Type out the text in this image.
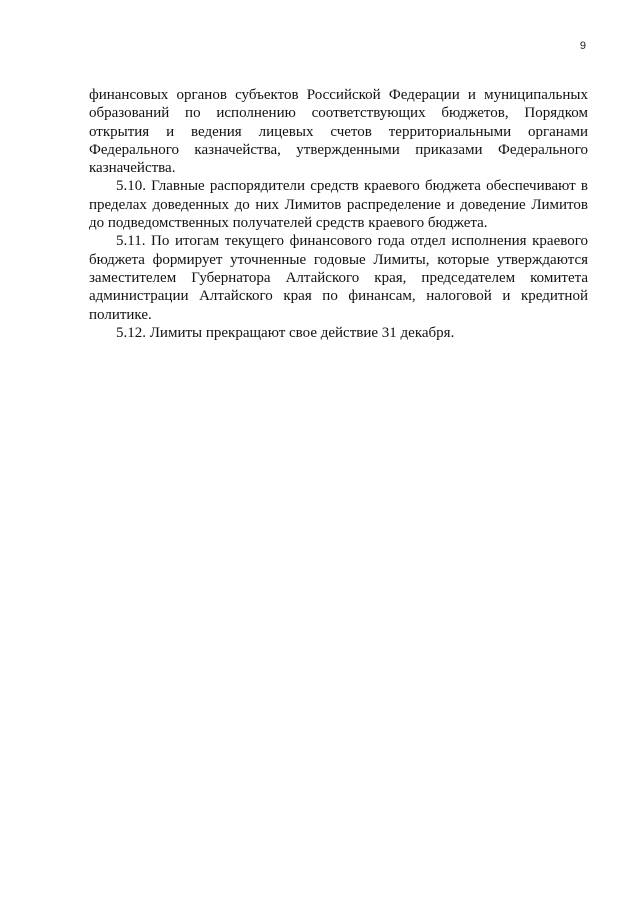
9

финансовых органов субъектов Российской Федерации и муниципальных образований по исполнению соответствующих бюджетов, Порядком открытия и ведения лицевых счетов территориальными органами Федерального казначейства, утвержденными приказами Федерального казначейства.

5.10. Главные распорядители средств краевого бюджета обеспечивают в пределах доведенных до них Лимитов распределение и доведение Лимитов до подведомственных получателей средств краевого бюджета.

5.11. По итогам текущего финансового года отдел исполнения краевого бюджета формирует уточненные годовые Лимиты, которые утверждаются заместителем Губернатора Алтайского края, председателем комитета администрации Алтайского края по финансам, налоговой и кредитной политике.

5.12. Лимиты прекращают свое действие 31 декабря.
